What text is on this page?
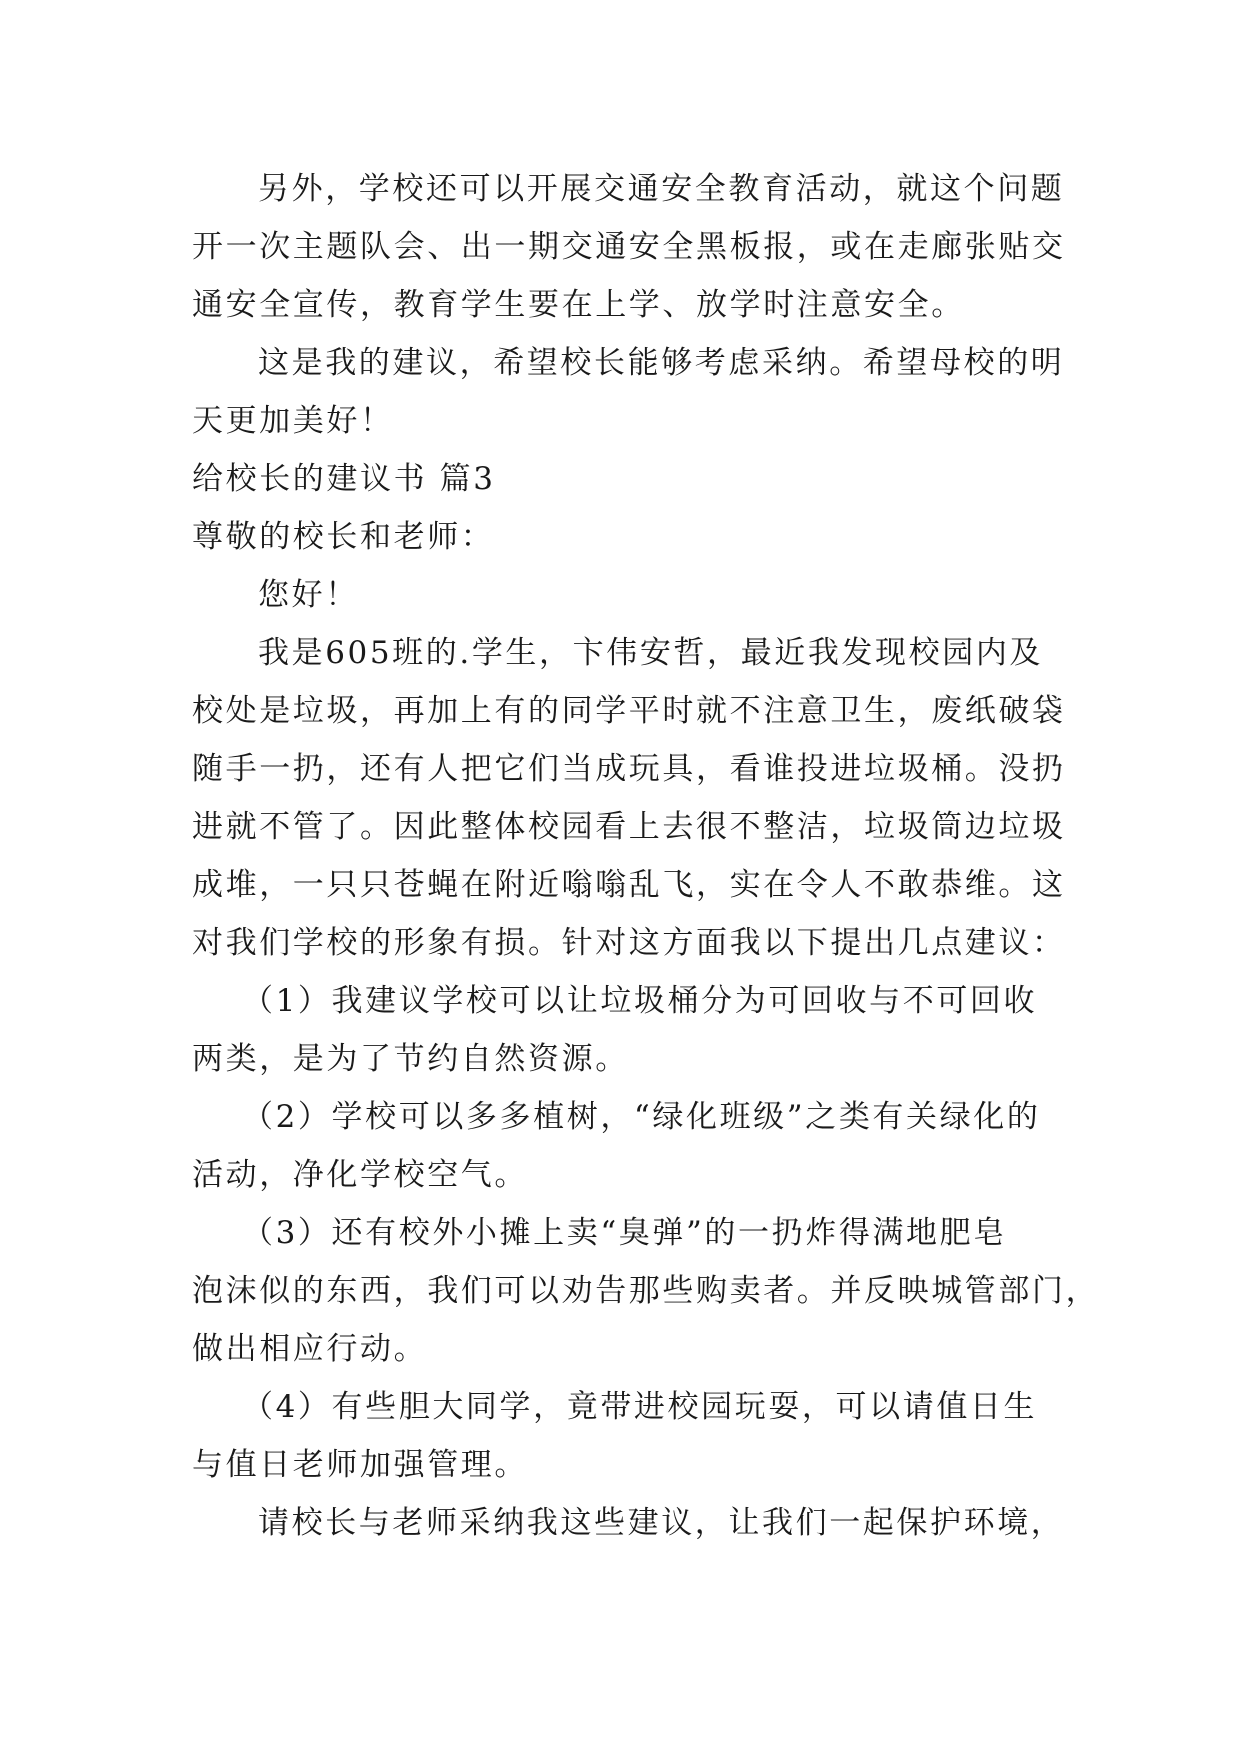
另外，学校还可以开展交通安全教育活动，就这个问题
开一次主题队会、出一期交通安全黑板报，或在走廊张贴交
通安全宣传，教育学生要在上学、放学时注意安全。
这是我的建议，希望校长能够考虑采纳。希望母校的明
天更加美好！
给校长的建议书 篇3
尊敬的校长和老师：
您好！
我是605班的.学生，卞伟安哲，最近我发现校园内及
校处是垃圾，再加上有的同学平时就不注意卫生，废纸破袋
随手一扔，还有人把它们当成玩具，看谁投进垃圾桶。没扔
进就不管了。因此整体校园看上去很不整洁，垃圾筒边垃圾
成堆，一只只苍蝇在附近嗡嗡乱飞，实在令人不敢恭维。这
对我们学校的形象有损。针对这方面我以下提出几点建议：
（1）我建议学校可以让垃圾桶分为可回收与不可回收
两类，是为了节约自然资源。
（2）学校可以多多植树，“绿化班级”之类有关绿化的
活动，净化学校空气。
（3）还有校外小摊上卖“臭弹”的一扔炸得满地肥皂
泡沫似的东西，我们可以劝告那些购卖者。并反映城管部门，
做出相应行动。
（4）有些胆大同学，竟带进校园玩耍，可以请值日生
与值日老师加强管理。
请校长与老师采纳我这些建议，让我们一起保护环境，
